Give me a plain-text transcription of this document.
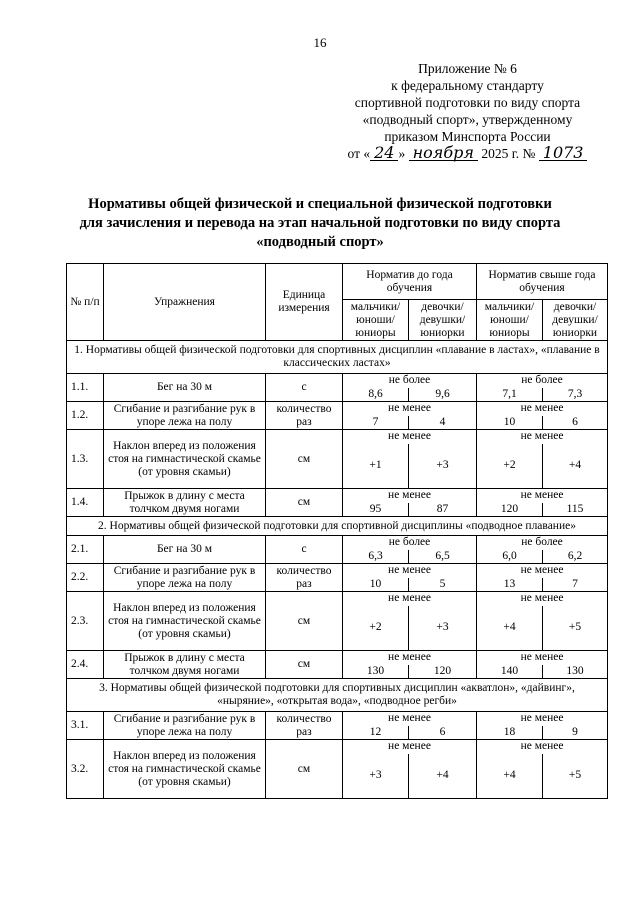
16
Приложение № 6
к федеральному стандарту
спортивной подготовки по виду спорта
«подводный спорт», утвержденному
приказом Минспорта России
от « 24 » ноября 2025 г. № 1073
Нормативы общей физической и специальной физической подготовки
для зачисления и перевода на этап начальной подготовки по виду спорта
«подводный спорт»
№ п/п	Упражнения	Единица измерения	Норматив до года обучения		Норматив свыше года обучения	
			мальчики/ юноши/ юниоры	девочки/ девушки/ юниорки	мальчики/ юноши/ юниоры	девочки/ девушки/ юниорки
1. Нормативы общей физической подготовки для спортивных дисциплин «плавание в ластах», «плавание в классических ластах»						
1.1.	Бег на 30 м	с	не более		не более	
			8,6	9,6	7,1	7,3
1.2.	Сгибание и разгибание рук в упоре лежа на полу	количество раз	не менее		не менее	
			7	4	10	6
1.3.	Наклон вперед из положения стоя на гимнастической скамье (от уровня скамьи)	см	не менее		не менее	
			+1	+3	+2	+4
1.4.	Прыжок в длину с места толчком двумя ногами	см	не менее		не менее	
			95	87	120	115
2. Нормативы общей физической подготовки для спортивной дисциплины «подводное плавание»						
2.1.	Бег на 30 м	с	не более		не более	
			6,3	6,5	6,0	6,2
2.2.	Сгибание и разгибание рук в упоре лежа на полу	количество раз	не менее		не менее	
			10	5	13	7
2.3.	Наклон вперед из положения стоя на гимнастической скамье (от уровня скамьи)	см	не менее		не менее	
			+2	+3	+4	+5
2.4.	Прыжок в длину с места толчком двумя ногами	см	не менее		не менее	
			130	120	140	130
3. Нормативы общей физической подготовки для спортивных дисциплин «акватлон», «дайвинг», «ныряние», «открытая вода», «подводное регби»						
3.1.	Сгибание и разгибание рук в упоре лежа на полу	количество раз	не менее		не менее	
			12	6	18	9
3.2.	Наклон вперед из положения стоя на гимнастической скамье (от уровня скамьи)	см	не менее		не менее	
			+3	+4	+4	+5
